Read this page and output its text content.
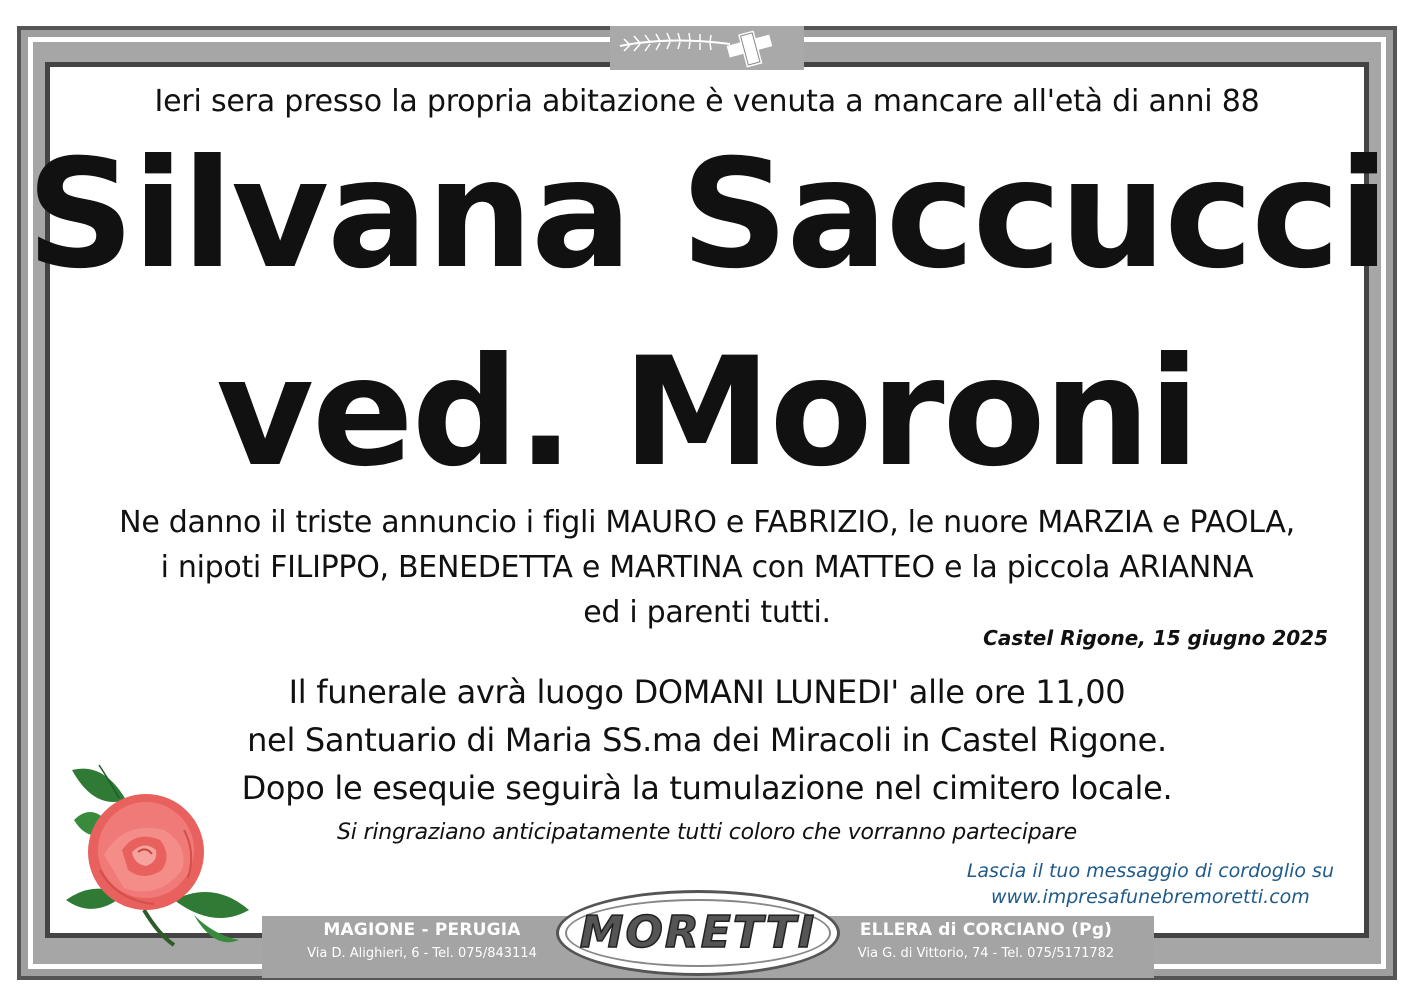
Ieri sera presso la propria abitazione è venuta a mancare all'età di anni 88
Silvana Saccucci
ved. Moroni
Ne danno il triste annuncio i figli MAURO e FABRIZIO, le nuore MARZIA e PAOLA,
i nipoti FILIPPO, BENEDETTA e MARTINA con MATTEO e la piccola ARIANNA
ed i parenti tutti.
Castel Rigone, 15 giugno 2025
Il funerale avrà luogo DOMANI LUNEDI' alle ore 11,00
nel Santuario di Maria SS.ma dei Miracoli in Castel Rigone.
Dopo le esequie seguirà la tumulazione nel cimitero locale.
Si ringraziano anticipatamente tutti coloro che vorranno partecipare
Lascia il tuo messaggio di cordoglio su
www.impresafunebremoretti.com
MAGIONE - PERUGIA
Via D. Alighieri, 6 - Tel. 075/843114 MORETTI	ELLERA di CORCIANO (Pg)
Via G. di Vittorio, 74 - Tel. 075/5171782
